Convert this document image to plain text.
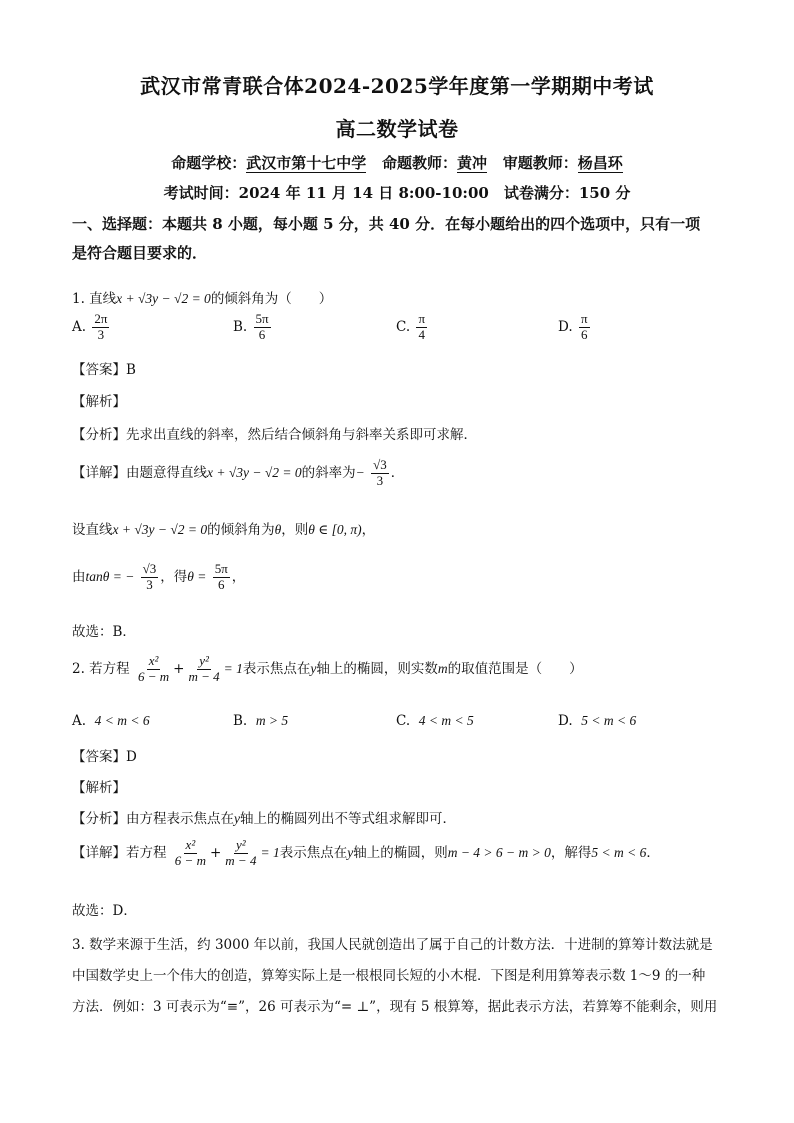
武汉市常青联合体2024-2025学年度第一学期期中考试
高二数学试卷
命题学校：武汉市第十七中学 命题教师：黄冲 审题教师：杨昌环
考试时间：2024 年 11 月 14 日 8:00-10:00　试卷满分：150 分
一、选择题：本题共 8 小题，每小题 5 分，共 40 分．在每小题给出的四个选项中，只有一项
是符合题目要求的．
1. 直线x + √3y − √2 = 0的倾斜角为（　　）
A. $\frac{2\pi}{3}$	B. $\frac{5\pi}{6}$	C. $\frac{\pi}{4}$	D. $\frac{\pi}{6}$
【答案】B
【解析】
【分析】先求出直线的斜率，然后结合倾斜角与斜率关系即可求解．
【详解】由题意得直线x + √3y − √2 = 0的斜率为− $\frac{√3}{3}$ ．
设直线x + √3y − √2 = 0的倾斜角为θ，则θ ∈ [0, π)，
由tanθ = − $\frac{√3}{3}$ ，得$\theta = \frac{5\pi}{6}$ ，
故选：B．
2. 若方程 $\frac{\text{x²}}{6 - m} + \frac{\text{y²}}{m - 4} = 1$表示焦点在y轴上的椭圆，则实数m的取值范围是（　　）
A. 4 < m < 6	B. m > 5	C. 4 < m < 5	D. 5 < m < 6
【答案】D
【解析】
【分析】由方程表示焦点在y轴上的椭圆列出不等式组求解即可．
【详解】若方程 $\frac{\text{x²}}{6 - m} + \frac{\text{y²}}{m - 4} = 1$表示焦点在y轴上的椭圆，则m − 4 > 6 − m > 0，解得5 < m < 6．
故选：D．
3. 数学来源于生活，约 3000 年以前，我国人民就创造出了属于自己的计数方法．十进制的算筹计数法就是
中国数学史上一个伟大的创造，算筹实际上是一根根同长短的小木棍．下图是利用算筹表示数 1～9 的一种
方法．例如：3 可表示为“≡”，26 可表示为“= ⊥”，现有 5 根算筹，据此表示方法，若算筹不能剩余，则用
